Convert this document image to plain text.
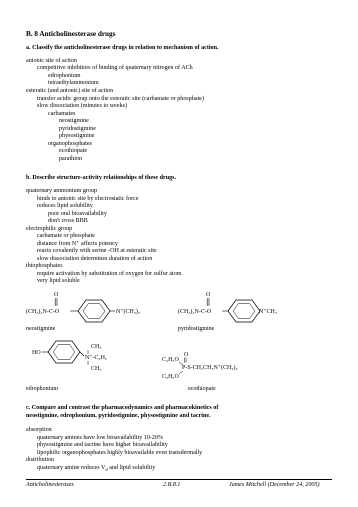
B. 8 Anticholinesterase drugs
a. Classify the anticholinesterase drugs in relation to mechanism of action.
anionic site of action
competitive inhibitors of binding of quaternary nitrogen of ACh
edrophonium
tetraethylammonium
esteratic (and anionic) site of action
transfer acidic group onto the esteratic site (carbamate or phosphate)
slow dissociation (minutes to weeks)
carbamates
neostigmine
pyridostigmine
physostigmine
organophosphates
ecothiopate
parathion
b. Describe structure-activity relationships of these drugs.
quaternary ammonium group
binds to anionic site by electrostatic force
reduces lipid solubility
poor oral bioavailability
don't cross BBB
electrophilic group
carbamate or phosphate
distance from N⁺ affects potency
reacts covalently with serine -OH at esteratic site
slow dissociation determines duration of action
thiophosphates
require activation by substitution of oxygen for sulfur atom
very lipid soluble
O
(CH₃)₂N-C-O	N⁺(CH₃)₃
neostigmine
O
(CH₃)₂N-C-O	N⁺CH₃
pyridostigmine
HO
CH₃
N⁺-C₂H₅
CH₃
edrophonium
C₂H₅O
O
P-S-CH₂CH₂N⁺(CH₃)₃
C₂H₅O
ecothiopate
c. Compare and contrast the pharmacodynamics and pharmacokinetics of
neostigmine, edrophonium, pyridostigmine, physostigmine and tacrine.
absorption
quaternary amines have low bioavailability 10-20%
physostigmine and tacrine have higher bioavailability
lipophilic organophosphates highly bioavailable even transdermally
distribution
quaternary amine reduces $V_d$ and lipid solubility
Anticholinesterases	2.B.8.1	James Mitchell (December 24, 2005)
